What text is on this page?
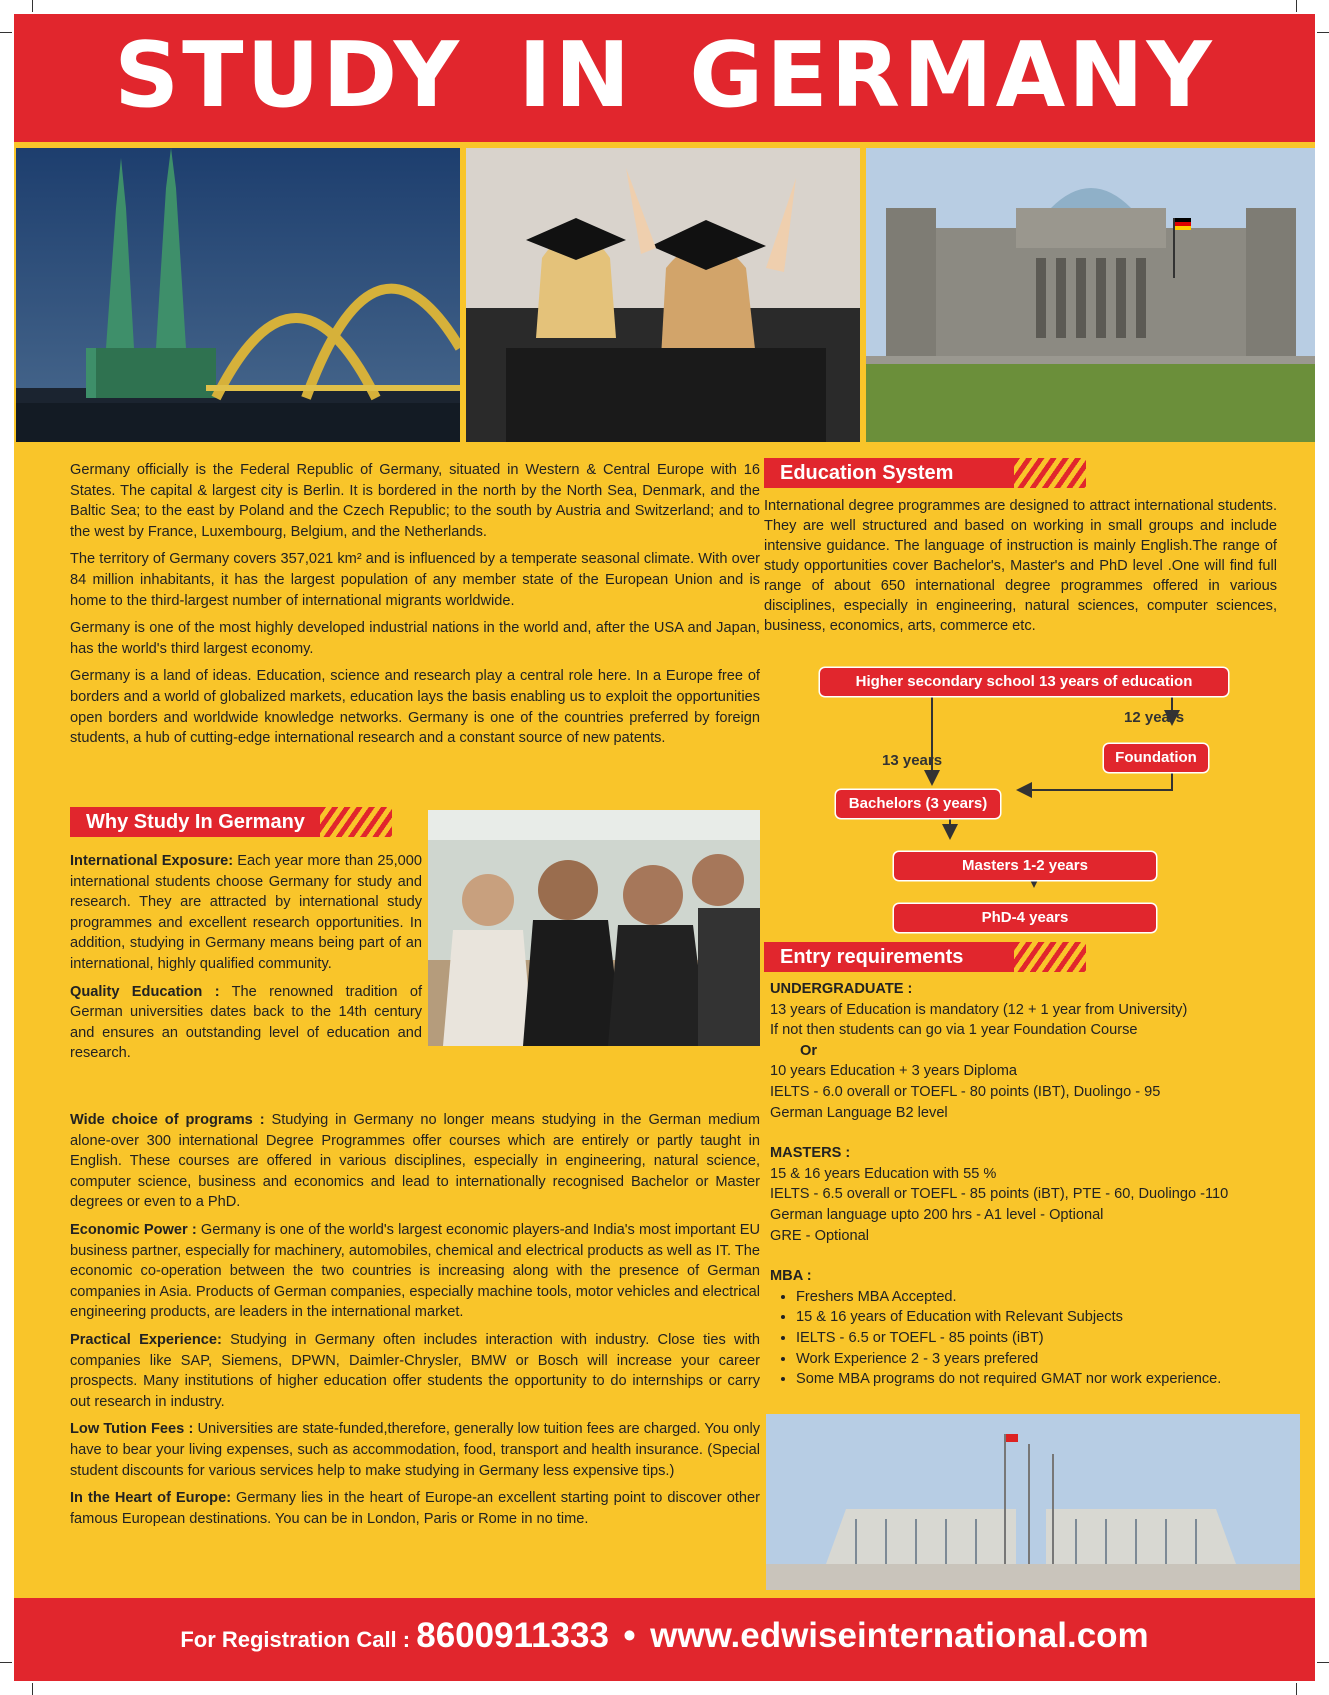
STUDY IN GERMANY

Germany officially is the Federal Republic of Germany, situated in Western & Central Europe with 16 States. The capital & largest city is Berlin. It is bordered in the north by the North Sea, Denmark, and the Baltic Sea; to the east by Poland and the Czech Republic; to the south by Austria and Switzerland; and to the west by France, Luxembourg, Belgium, and the Netherlands.

The territory of Germany covers 357,021 km² and is influenced by a temperate seasonal climate. With over 84 million inhabitants, it has the largest population of any member state of the European Union and is home to the third-largest number of international migrants worldwide.

Germany is one of the most highly developed industrial nations in the world and, after the USA and Japan, has the world's third largest economy.

Germany is a land of ideas. Education, science and research play a central role here. In a Europe free of borders and a world of globalized markets, education lays the basis enabling us to exploit the opportunities open borders and worldwide knowledge networks. Germany is one of the countries preferred by foreign students, a hub of cutting-edge international research and a constant source of new patents.

Why Study In Germany

International Exposure: Each year more than 25,000 international students choose Germany for study and research. They are attracted by international study programmes and excellent research opportunities. In addition, studying in Germany means being part of an international, highly qualified community.

Quality Education : The renowned tradition of German universities dates back to the 14th century and ensures an outstanding level of education and research.

Wide choice of programs : Studying in Germany no longer means studying in the German medium alone-over 300 international Degree Programmes offer courses which are entirely or partly taught in English. These courses are offered in various disciplines, especially in engineering, natural science, computer science, business and economics and lead to internationally recognised Bachelor or Master degrees or even to a PhD.

Economic Power : Germany is one of the world's largest economic players-and India's most important EU business partner, especially for machinery, automobiles, chemical and electrical products as well as IT. The economic co-operation between the two countries is increasing along with the presence of German companies in Asia. Products of German companies, especially machine tools, motor vehicles and electrical engineering products, are leaders in the international market.

Practical Experience: Studying in Germany often includes interaction with industry. Close ties with companies like SAP, Siemens, DPWN, Daimler-Chrysler, BMW or Bosch will increase your career prospects. Many institutions of higher education offer students the opportunity to do internships or carry out research in industry.

Low Tution Fees : Universities are state-funded,therefore, generally low tuition fees are charged. You only have to bear your living expenses, such as accommodation, food, transport and health insurance. (Special student discounts for various services help to make studying in Germany less expensive tips.)

In the Heart of Europe: Germany lies in the heart of Europe-an excellent starting point to discover other famous European destinations. You can be in London, Paris or Rome in no time.

Education System
International degree programmes are designed to attract international students. They are well structured and based on working in small groups and include intensive guidance. The language of instruction is mainly English.The range of study opportunities cover Bachelor's, Master's and PhD level .One will find full range of about 650 international degree programmes offered in various disciplines, especially in engineering, natural sciences, computer sciences, business, economics, arts, commerce etc.
Higher secondary school 13 years of education
12 years
Foundation
13 years
Bachelors (3 years)
Masters 1-2 years
PhD-4 years
Entry requirements
UNDERGRADUATE :
13 years of Education is mandatory (12 + 1 year from University)
If not then students can go via 1 year Foundation Course
Or
10 years Education + 3 years Diploma
IELTS - 6.0 overall or TOEFL - 80 points (IBT), Duolingo - 95
German Language B2 level
MASTERS :
15 & 16 years Education with 55 %
IELTS - 6.5 overall or TOEFL - 85 points (iBT), PTE - 60, Duolingo -110
German language upto 200 hrs - A1 level - Optional
GRE - Optional
MBA :
• Freshers MBA Accepted.
• 15 & 16 years of Education with Relevant Subjects
• IELTS - 6.5 or TOEFL - 85 points (iBT)
• Work Experience 2 - 3 years prefered
• Some MBA programs do not required GMAT nor work experience.
For Registration Call : 8600911333 • www.edwiseinternational.com
